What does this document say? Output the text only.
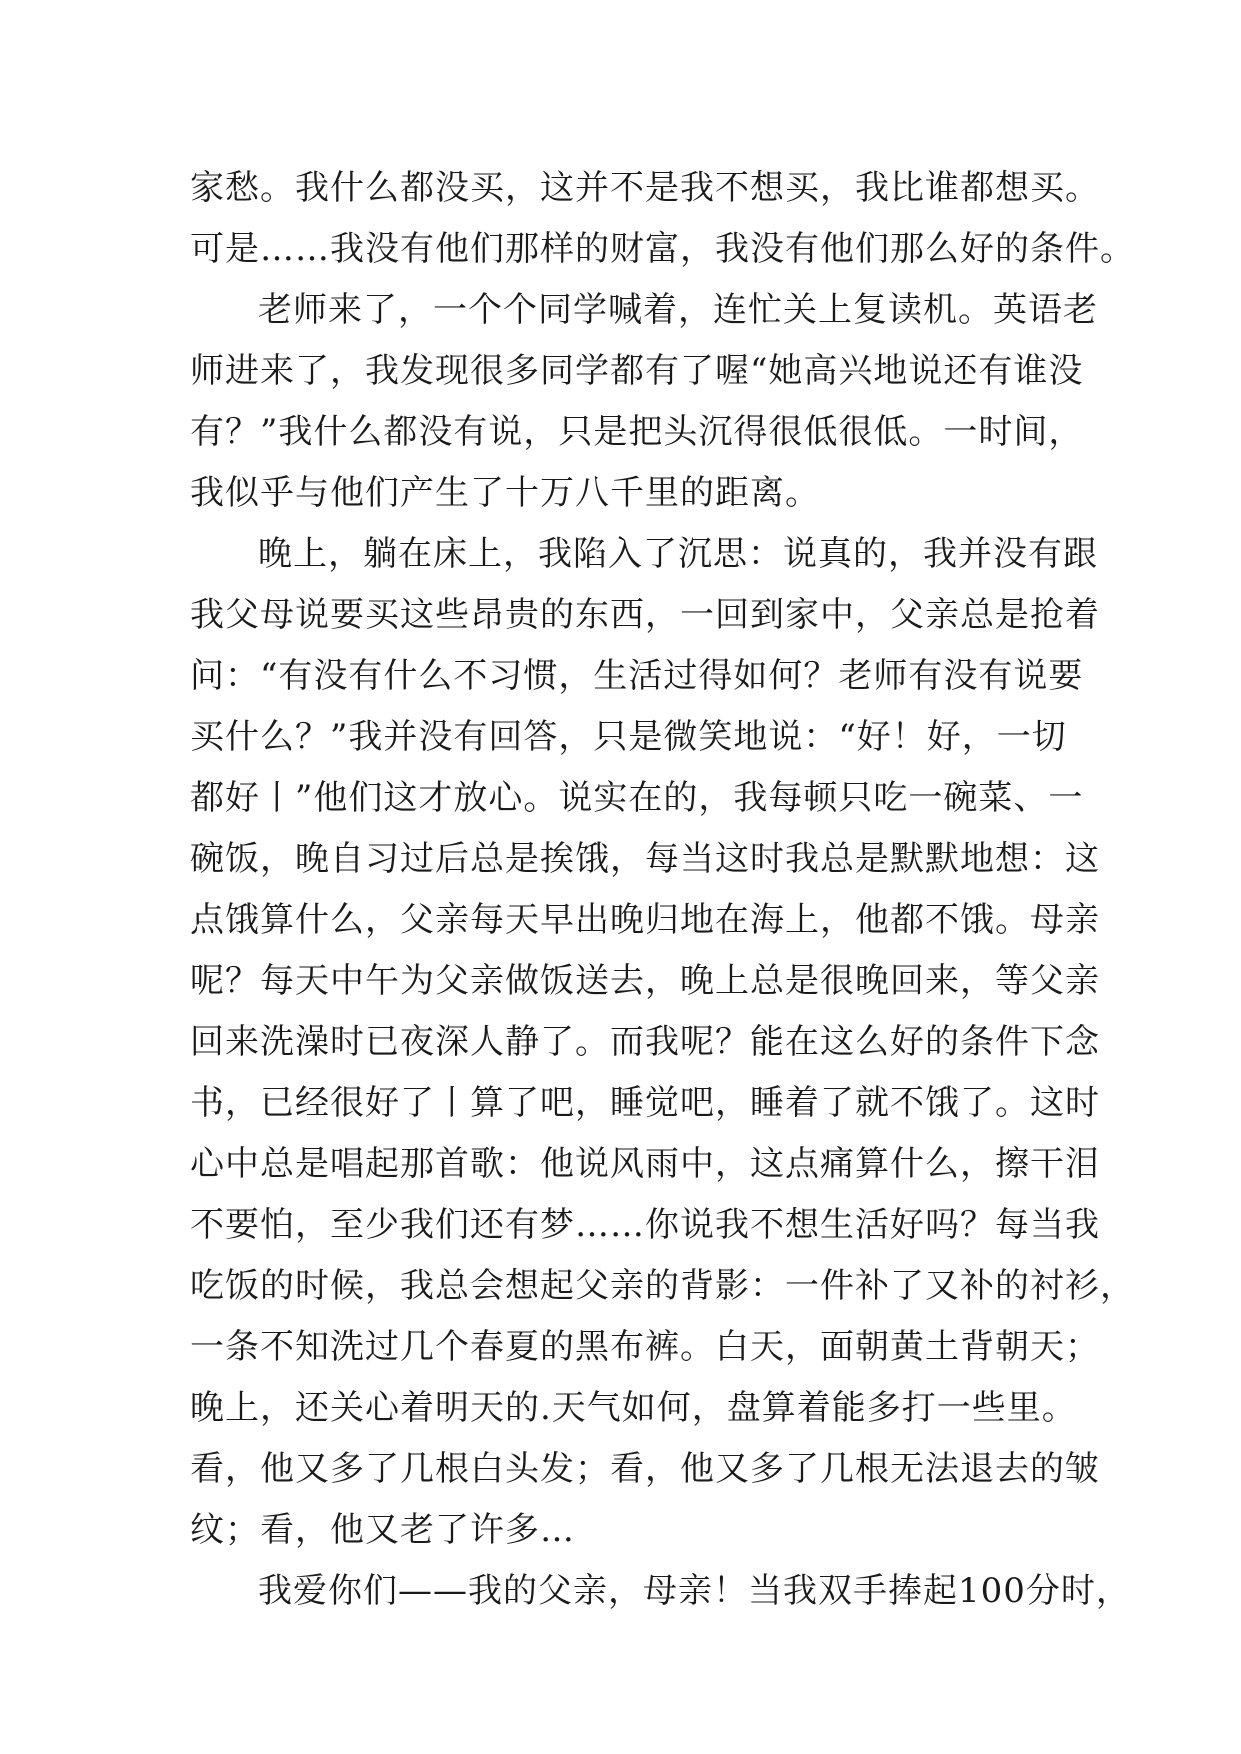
家愁。我什么都没买，这并不是我不想买，我比谁都想买。
可是……我没有他们那样的财富，我没有他们那么好的条件。
老师来了，一个个同学喊着，连忙关上复读机。英语老
师进来了，我发现很多同学都有了喔“她高兴地说还有谁没
有？”我什么都没有说，只是把头沉得很低很低。一时间，
我似乎与他们产生了十万八千里的距离。
晚上，躺在床上，我陷入了沉思：说真的，我并没有跟
我父母说要买这些昂贵的东西，一回到家中，父亲总是抢着
问：“有没有什么不习惯，生活过得如何？老师有没有说要
买什么？”我并没有回答，只是微笑地说：“好！好，一切
都好丨”他们这才放心。说实在的，我每顿只吃一碗菜、一
碗饭，晚自习过后总是挨饿，每当这时我总是默默地想：这
点饿算什么，父亲每天早出晚归地在海上，他都不饿。母亲
呢？每天中午为父亲做饭送去，晚上总是很晚回来，等父亲
回来洗澡时已夜深人静了。而我呢？能在这么好的条件下念
书，已经很好了丨算了吧，睡觉吧，睡着了就不饿了。这时
心中总是唱起那首歌：他说风雨中，这点痛算什么，擦干泪
不要怕，至少我们还有梦……你说我不想生活好吗？每当我
吃饭的时候，我总会想起父亲的背影：一件补了又补的衬衫，
一条不知洗过几个春夏的黑布裤。白天，面朝黄土背朝天；
晚上，还关心着明天的.天气如何，盘算着能多打一些里。
看，他又多了几根白头发；看，他又多了几根无法退去的皱
纹；看，他又老了许多…
我爱你们——我的父亲，母亲！当我双手捧起100分时，
